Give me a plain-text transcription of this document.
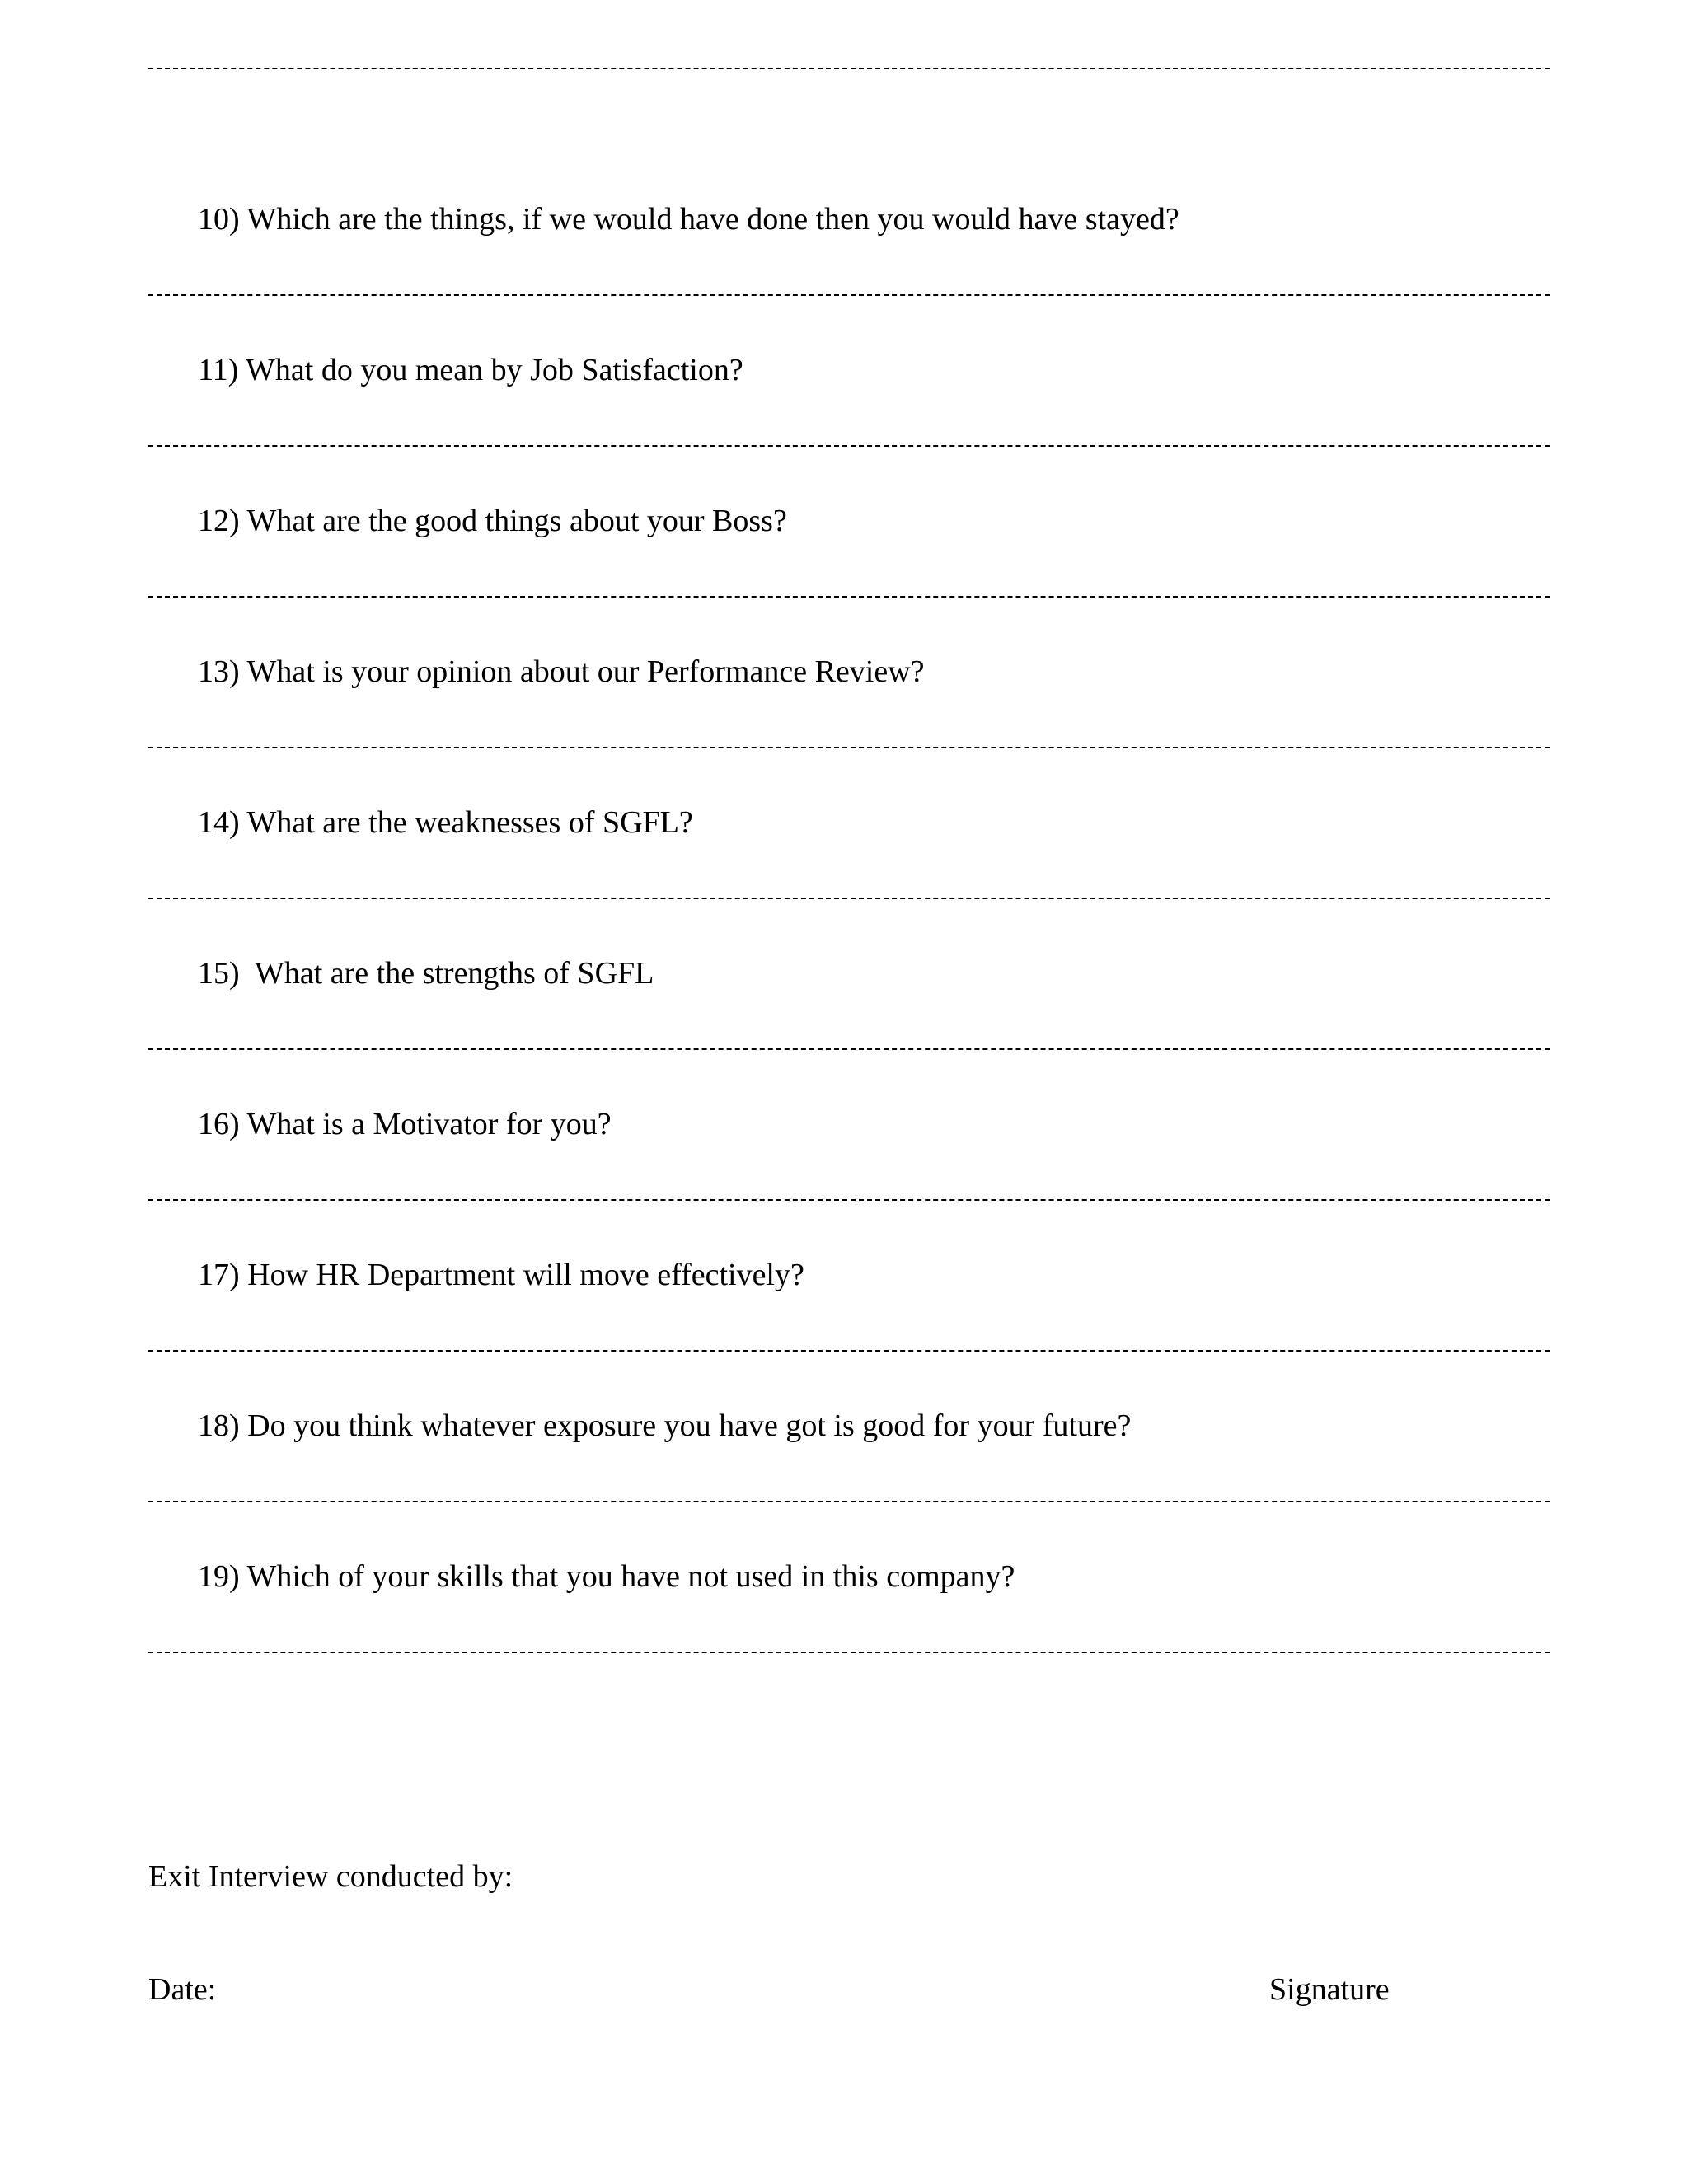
10) Which are the things, if we would have done then you would have stayed?
11) What do you mean by Job Satisfaction?
12) What are the good things about your Boss?
13) What is your opinion about our Performance Review?
14) What are the weaknesses of SGFL?
15)  What are the strengths of SGFL
16) What is a Motivator for you?
17) How HR Department will move effectively?
18) Do you think whatever exposure you have got is good for your future?
19) Which of your skills that you have not used in this company?
Exit Interview conducted by:
Date:	Signature
